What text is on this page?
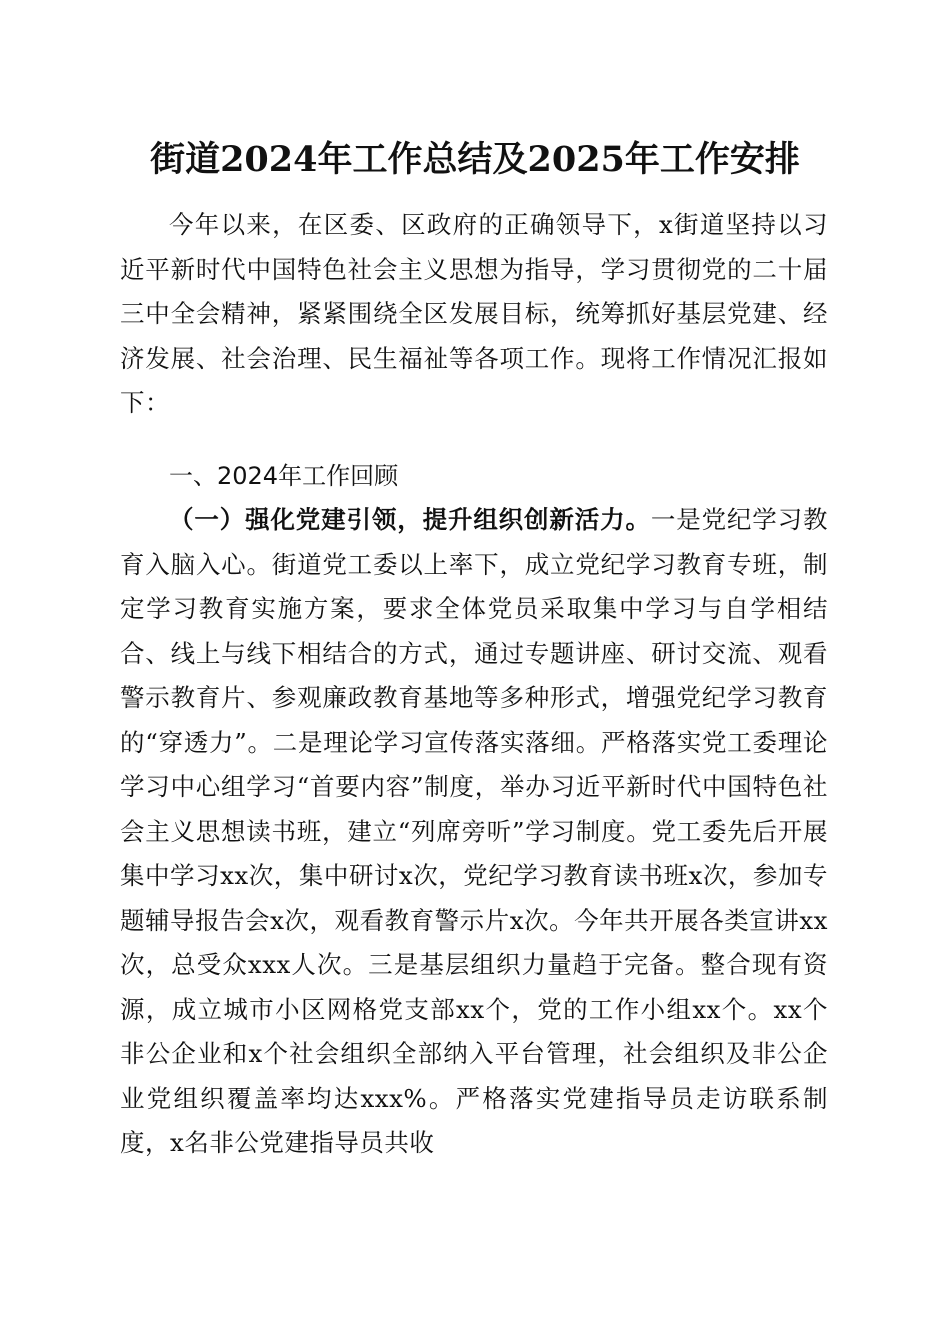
街道2024年工作总结及2025年工作安排

今年以来，在区委、区政府的正确领导下，x街道坚持以习近平新时代中国特色社会主义思想为指导，学习贯彻党的二十届三中全会精神，紧紧围绕全区发展目标，统筹抓好基层党建、经济发展、社会治理、民生福祉等各项工作。现将工作情况汇报如下：

一、2024年工作回顾

（一）强化党建引领，提升组织创新活力。一是党纪学习教育入脑入心。街道党工委以上率下，成立党纪学习教育专班，制定学习教育实施方案，要求全体党员采取集中学习与自学相结合、线上与线下相结合的方式，通过专题讲座、研讨交流、观看警示教育片、参观廉政教育基地等多种形式，增强党纪学习教育的“穿透力”。二是理论学习宣传落实落细。严格落实党工委理论学习中心组学习“首要内容”制度，举办习近平新时代中国特色社会主义思想读书班，建立“列席旁听”学习制度。党工委先后开展集中学习xx次，集中研讨x次，党纪学习教育读书班x次，参加专题辅导报告会x次，观看教育警示片x次。今年共开展各类宣讲xx次，总受众xxx人次。三是基层组织力量趋于完备。整合现有资源，成立城市小区网格党支部xx个，党的工作小组xx个。xx个非公企业和x个社会组织全部纳入平台管理，社会组织及非公企业党组织覆盖率均达xxx%。严格落实党建指导员走访联系制度，x名非公党建指导员共收
